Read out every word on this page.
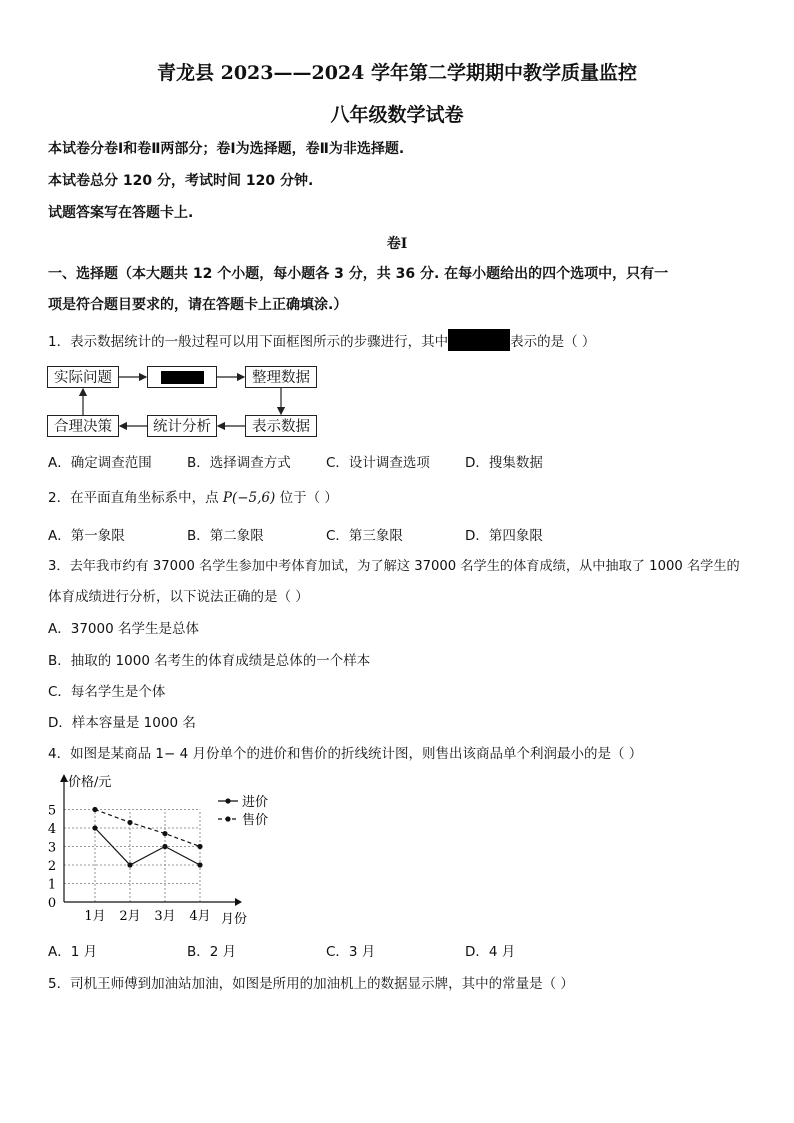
青龙县 2023——2024 学年第二学期期中教学质量监控
八年级数学试卷
本试卷分卷Ⅰ和卷Ⅱ两部分；卷Ⅰ为选择题，卷Ⅱ为非选择题.
本试卷总分 120 分，考试时间 120 分钟.
试题答案写在答题卡上.
卷Ⅰ
一、选择题（本大题共 12 个小题，每小题各 3 分，共 36 分. 在每小题给出的四个选项中，只有一
项是符合题目要求的，请在答题卡上正确填涂.）
1．表示数据统计的一般过程可以用下面框图所示的步骤进行，其中	表示的是（ ）
实际问题	整理数据
表示数据
统计分析
合理决策
A．确定调查范围	B．选择调查方式	C．设计调查选项	D．搜集数据
2．在平面直角坐标系中，点 P(−5,6) 位于（ ）
A．第一象限	B．第二象限	C．第三象限	D．第四象限
3．去年我市约有 37000 名学生参加中考体育加试，为了解这 37000 名学生的体育成绩，从中抽取了 1000 名学生的
体育成绩进行分析，以下说法正确的是（ ）
A．37000 名学生是总体
B．抽取的 1000 名考生的体育成绩是总体的一个样本
C．每名学生是个体
D．样本容量是 1000 名
4．如图是某商品 1− 4 月份单个的进价和售价的折线统计图，则售出该商品单个利润最小的是（ ）
0
1
2
3
4
5
1月 2月 3月 4月
价格/元
月份
进价
售价
A．1 月	B．2 月	C．3 月	D．4 月
5．司机王师傅到加油站加油，如图是所用的加油机上的数据显示牌，其中的常量是（ ）
